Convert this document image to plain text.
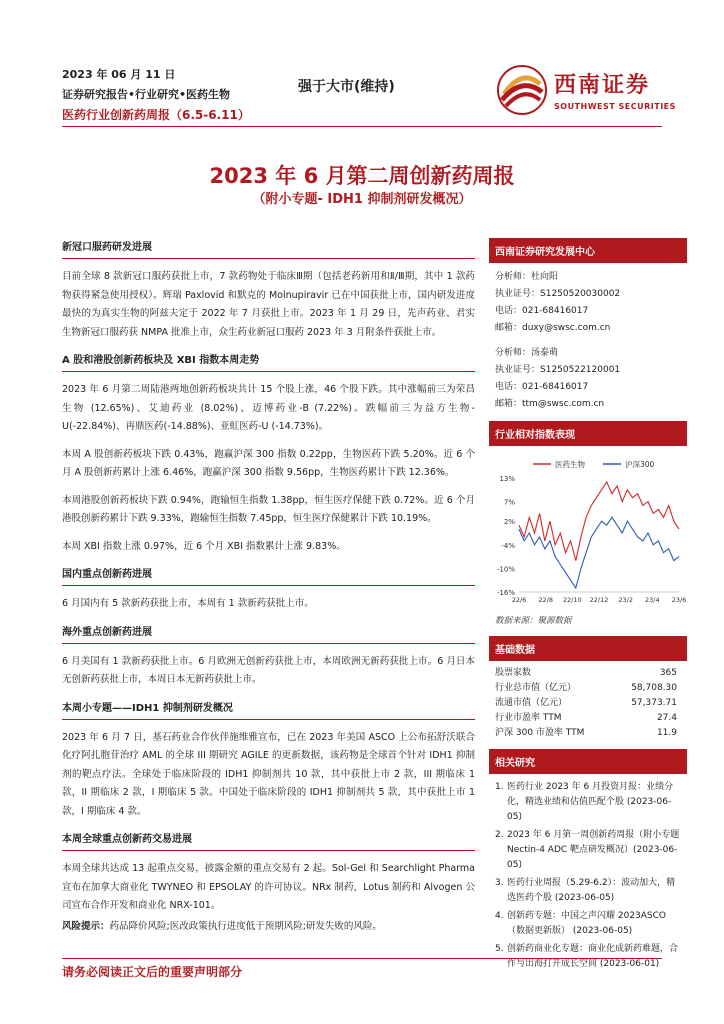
2023 年 06 月 11 日
证券研究报告•行业研究•医药生物
医药行业创新药周报（6.5-6.11）
强于大市(维持)	西南证券
SOUTHWEST SECURITIES
2023 年 6 月第二周创新药周报
（附小专题- IDH1 抑制剂研发概况）
新冠口服药研发进展

目前全球 8 款新冠口服药获批上市，7 款药物处于临床Ⅲ期（包括老药新用和Ⅱ/Ⅲ期，其中 1 款药物获得紧急使用授权）。辉瑞 Paxlovid 和默克的 Molnupiravir 已在中国获批上市，国内研发进度最快的为真实生物的阿兹夫定于 2022 年 7 月获批上市。2023 年 1 月 29 日，先声药业、君实生物新冠口服药获 NMPA 批准上市，众生药业新冠口服药 2023 年 3 月附条件获批上市。

A 股和港股创新药板块及 XBI 指数本周走势

2023 年 6 月第二周陆港两地创新药板块共计 15 个股上涨，46 个股下跌。其中涨幅前三为荣昌生物 (12.65%)、艾迪药业 (8.02%)、迈博药业-B (7.22%)。跌幅前三为益方生物-U(-22.84%)、再鼎医药(-14.88%)、亚虹医药-U (-14.73%)。

本周 A 股创新药板块下跌 0.43%，跑赢沪深 300 指数 0.22pp，生物医药下跌 5.20%。近 6 个月 A 股创新药累计上涨 6.46%，跑赢沪深 300 指数 9.56pp，生物医药累计下跌 12.36%。

本周港股创新药板块下跌 0.94%，跑输恒生指数 1.38pp，恒生医疗保健下跌 0.72%。近 6 个月港股创新药累计下跌 9.33%，跑输恒生指数 7.45pp，恒生医疗保健累计下跌 10.19%。

本周 XBI 指数上涨 0.97%，近 6 个月 XBI 指数累计上涨 9.83%。

国内重点创新药进展

6 月国内有 5 款新药获批上市，本周有 1 款新药获批上市。

海外重点创新药进展

6 月美国有 1 款新药获批上市。6 月欧洲无创新药获批上市，本周欧洲无新药获批上市。6 月日本无创新药获批上市，本周日本无新药获批上市。

本周小专题——IDH1 抑制剂研发概况

2023 年 6 月 7 日，基石药业合作伙伴施维雅宣布，已在 2023 年美国 ASCO 上公布拓舒沃联合化疗阿扎胞苷治疗 AML 的全球 III 期研究 AGILE 的更新数据，该药物是全球首个针对 IDH1 抑制剂的靶点疗法。全球处于临床阶段的 IDH1 抑制剂共 10 款，其中获批上市 2 款，III 期临床 1 款，II 期临床 2 款，I 期临床 5 款。中国处于临床阶段的 IDH1 抑制剂共 5 款，其中获批上市 1 款，I 期临床 4 款。

本周全球重点创新药交易进展

本周全球共达成 13 起重点交易，披露金额的重点交易有 2 起。Sol-Gel 和 Searchlight Pharma 宣布在加拿大商业化 TWYNEO 和 EPSOLAY 的许可协议。NRx 制药，Lotus 制药和 Alvogen 公司宣布合作开发和商业化 NRX-101。

风险提示：药品降价风险;医改政策执行进度低于预期风险;研发失败的风险。

西南证券研究发展中心
分析师：杜向阳
执业证号：S1250520030002
电话：021-68416017
邮箱：duxy@swsc.com.cn
分析师：汤泰萌
执业证号：S1250522120001
电话：021-68416017
邮箱：ttm@swsc.com.cn
行业相对指数表现
13%
7%
2%
-4%
-10%
-16%
22/6 22/8 22/10 22/12 23/2 23/4 23/6
医药生物	沪深300
数据来源：聚源数据
基础数据
股票家数	365
行业总市值（亿元）	58,708.30
流通市值（亿元）	57,373.71
行业市盈率 TTM	27.4
沪深 300 市盈率 TTM	11.9
相关研究
1. 医药行业 2023 年 6 月投资月报：业绩分化，精选业绩和估值匹配个股 (2023-06-05)
2. 2023 年 6 月第一周创新药周报（附小专题 Nectin-4 ADC 靶点研发概况）(2023-06-05)
3. 医药行业周报（5.29-6.2）：波动加大，精选医药个股 (2023-06-05)
4. 创新药专题：中国之声闪耀 2023ASCO（数据更新版） (2023-06-05)
5. 创新药商业化专题：商业化成新药难题，合作与出海打开成长空间 (2023-06-01)
请务必阅读正文后的重要声明部分
